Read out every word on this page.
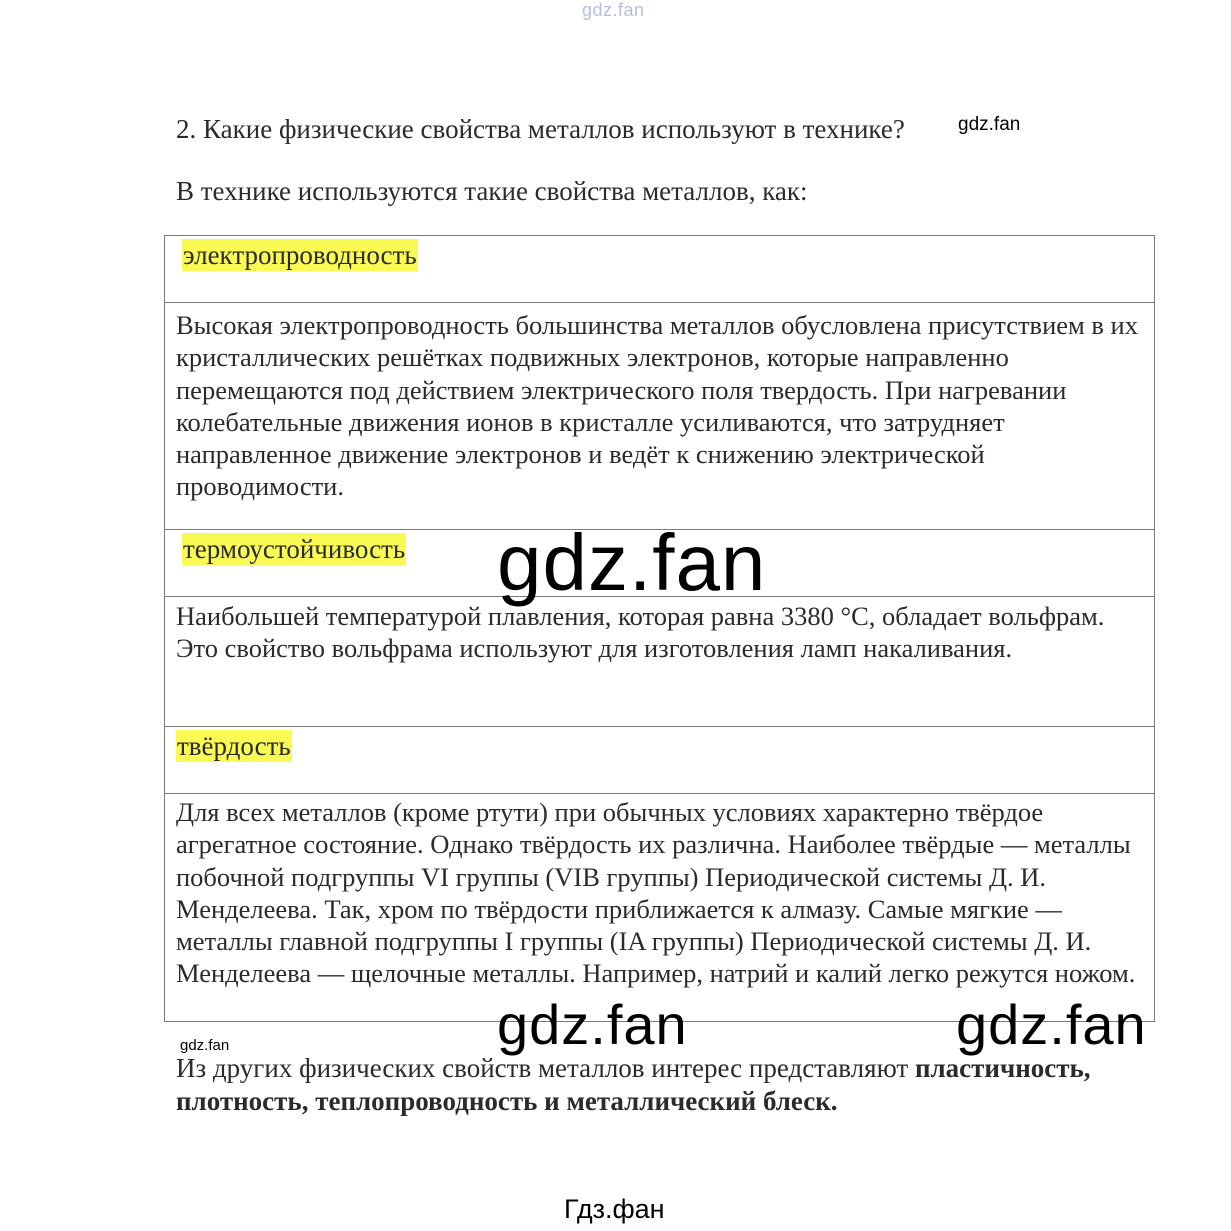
gdz.fan
2. Какие физические свойства металлов используют в технике?	gdz.fan
В технике используются такие свойства металлов, как:
электропроводность

Высокая электропроводность большинства металлов обусловлена присутствием в их кристаллических решётках подвижных электронов, которые направленно перемещаются под действием электрического поля твердость. При нагревании колебательные движения ионов в кристалле усиливаются, что затрудняет направленное движение электронов и ведёт к снижению электрической проводимости.

термоустойчивость

Наибольшей температурой плавления, которая равна 3380 °C, обладает вольфрам. Это свойство вольфрама используют для изготовления ламп накаливания.

твёрдость

Для всех металлов (кроме ртути) при обычных условиях характерно твёрдое агрегатное состояние. Однако твёрдость их различна. Наиболее твёрдые — металлы побочной подгруппы VI группы (VIB группы) Периодической системы Д. И. Менделеева. Так, хром по твёрдости приближается к алмазу. Самые мягкие — металлы главной подгруппы I группы (IA группы) Периодической системы Д. И. Менделеева — щелочные металлы. Например, натрий и калий легко режутся ножом.

gdz.fan
gdz.fan	gdz.fan
gdz.fan
Из других физических свойств металлов интерес представляют пластичность, плотность, теплопроводность и металлический блеск.
Гдз.фан
